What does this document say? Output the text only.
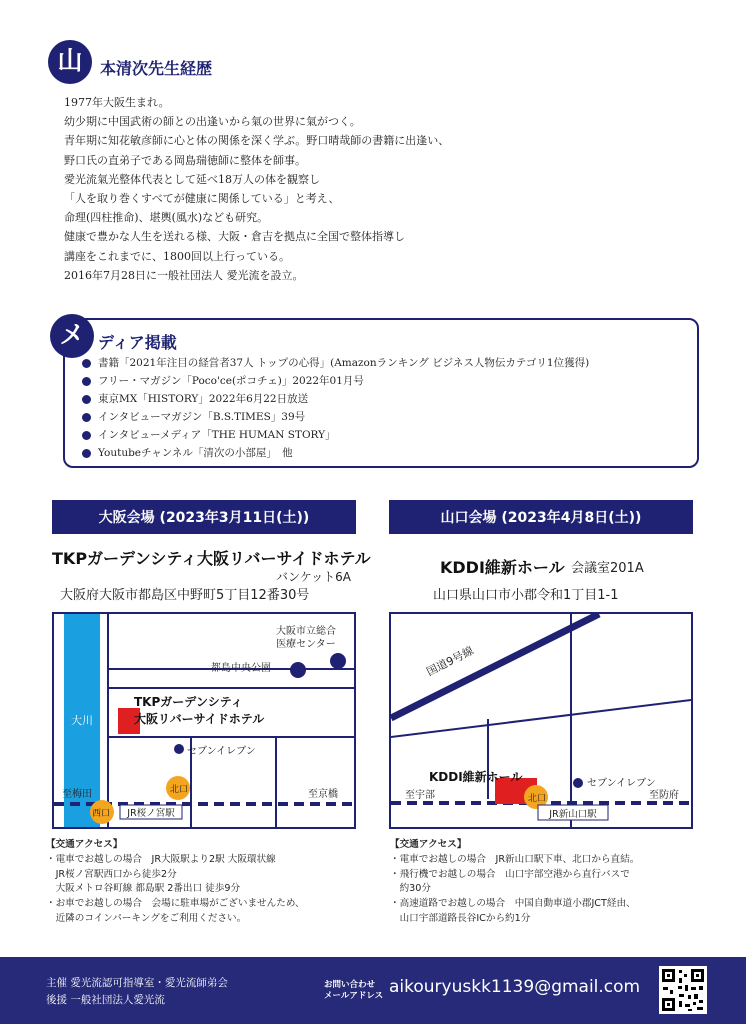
山	本清次先生経歴
1977年大阪生まれ。
幼少期に中国武術の師との出逢いから氣の世界に氣がつく。
青年期に知花敏彦師に心と体の関係を深く学ぶ。野口晴哉師の書籍に出逢い、
野口氏の直弟子である岡島瑞徳師に整体を師事。
愛光流氣光整体代表として延べ18万人の体を観察し
「人を取り巻くすべてが健康に関係している」と考え、
命理(四柱推命)、堪輿(風水)なども研究。
健康で豊かな人生を送れる様、大阪・倉吉を拠点に全国で整体指導し
講座をこれまでに、1800回以上行っている。
2016年7月28日に一般社団法人 愛光流を設立。
メ ディア掲載
書籍「2021年注目の経営者37人 トップの心得」(Amazonランキング ビジネス人物伝カテゴリ1位獲得)
フリー・マガジン「Poco'ce(ポコチェ)」2022年01月号
東京MX「HISTORY」2022年6月22日放送
インタビューマガジン「B.S.TIMES」39号
インタビューメディア「THE HUMAN STORY」
Youtubeチャンネル「清次の小部屋」　他
大阪会場 (2023年3月11日(土))
TKPガーデンシティ大阪リバーサイドホテル
バンケット6A
大阪府大阪市都島区中野町5丁目12番30号
大川
大阪市立総合
医療センター
都島中央公園
TKPガーデンシティ
大阪リバーサイドホテル
セブンイレブン
北口
西口
至梅田	至京橋
JR桜ノ宮駅
【交通アクセス】
・電車でお越しの場合　JR大阪駅より2駅 大阪環状線
　JR桜ノ宮駅西口から徒歩2分
　大阪メトロ谷町線 都島駅 2番出口 徒歩9分
・お車でお越しの場合　会場に駐車場がございませんため、
　近隣のコインパーキングをご利用ください。
山口会場 (2023年4月8日(土))
KDDI維新ホール 会議室201A
山口県山口市小郡令和1丁目1-1
国道9号線
KDDI維新ホール	セブンイレブン
北口
至宇部	至防府
JR新山口駅
【交通アクセス】
・電車でお越しの場合　JR新山口駅下車、北口から直結。
・飛行機でお越しの場合　山口宇部空港から直行バスで
　約30分
・高速道路でお越しの場合　中国自動車道小郡JCT経由、
　山口宇部道路長谷ICから約1分
主催 愛光流認可指導室・愛光流師弟会
後援 一般社団法人愛光流
お問い合わせ
メールアドレス aikouryuskk1139@gmail.com
